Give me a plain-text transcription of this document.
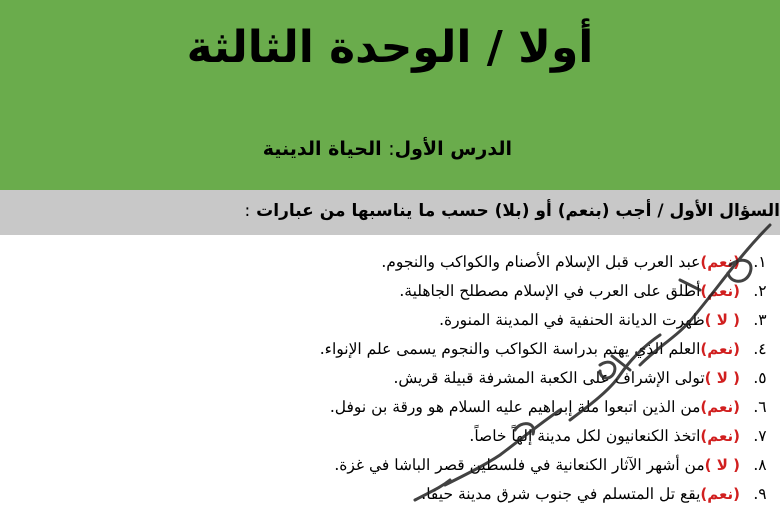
أولا / الوحدة الثالثة
الدرس الأول: الحياة الدينية
السؤال الأول / أجب (بنعم) أو (بلا) حسب ما يناسبها من عبارات :
١.(نعم)عبد العرب قبل الإسلام الأصنام والكواكب والنجوم.
٢.(نعم)أطلق على العرب في الإسلام مصطلح الجاهلية.
٣.( لا )ظهرت الديانة الحنفية في المدينة المنورة.
٤.(نعم)العلم الذي يهتم بدراسة الكواكب والنجوم يسمى علم الإنواء.
٥.( لا )تولى الإشراف على الكعبة المشرفة قبيلة قريش.
٦.(نعم)من الذين اتبعوا ملة إبراهيم عليه السلام هو ورقة بن نوفل.
٧.(نعم)اتخذ الكنعانيون لكل مدينة إلهاً خاصاً.
٨.( لا )من أشهر الآثار الكنعانية في فلسطين قصر الباشا في غزة.
٩.(نعم)يقع تل المتسلم في جنوب شرق مدينة حيفا.
